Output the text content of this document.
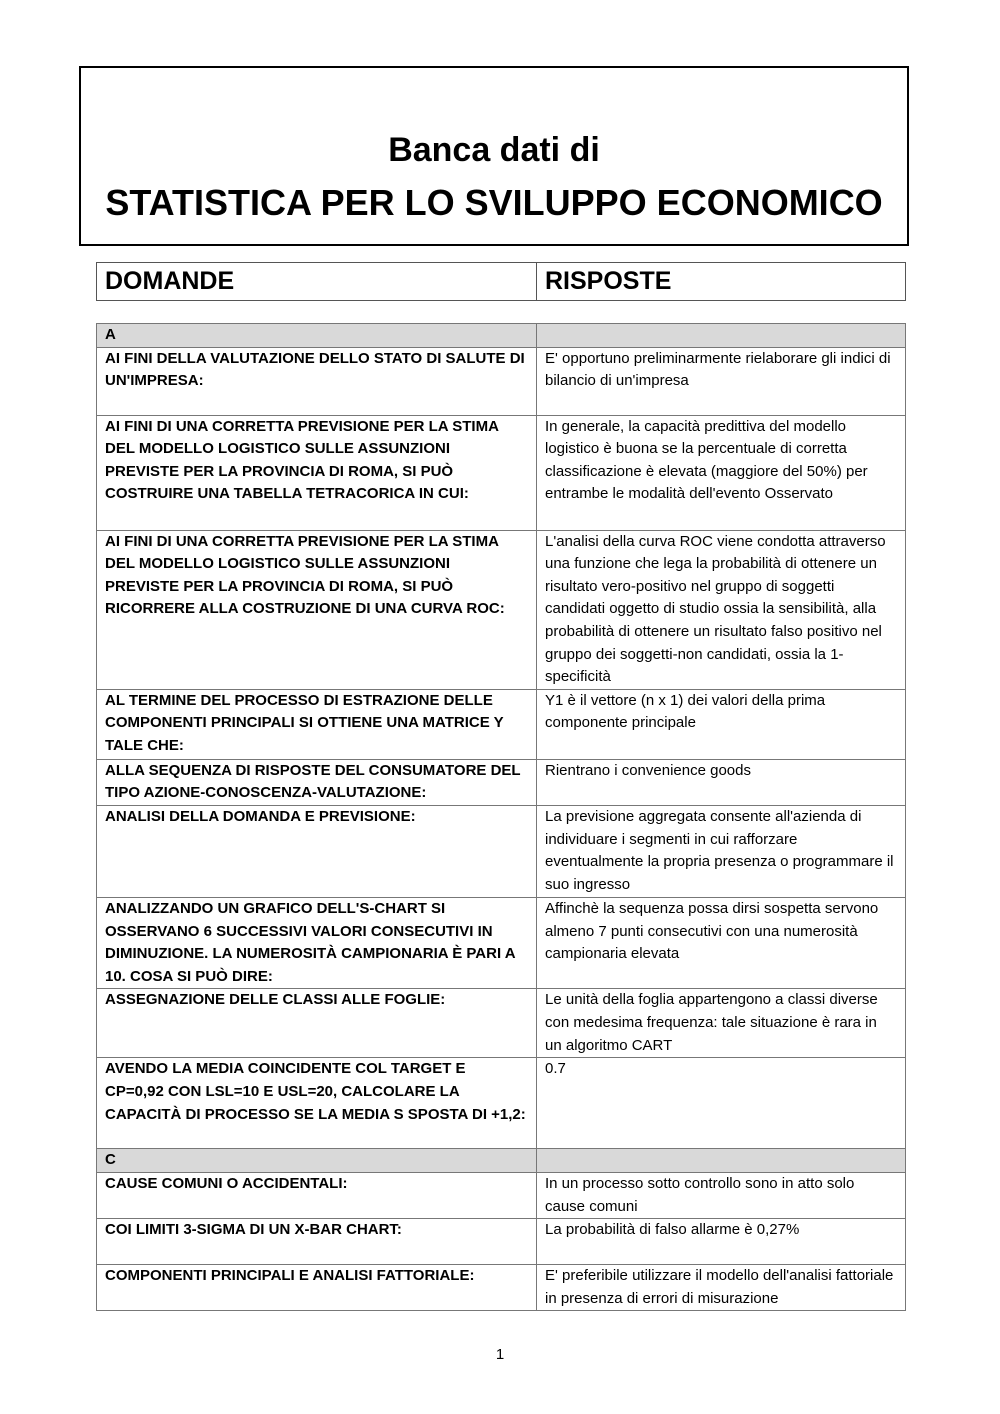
Banca dati di
STATISTICA PER LO SVILUPPO ECONOMICO
DOMANDE	RISPOSTE
A	
AI FINI DELLA VALUTAZIONE DELLO STATO DI SALUTE DI UN'IMPRESA:	E' opportuno preliminarmente rielaborare gli indici di bilancio di un'impresa
AI FINI DI UNA CORRETTA PREVISIONE PER LA STIMA DEL MODELLO LOGISTICO SULLE ASSUNZIONI PREVISTE PER LA PROVINCIA DI ROMA, SI PUÒ COSTRUIRE UNA TABELLA TETRACORICA IN CUI:	In generale, la capacità predittiva del modello logistico è buona se la percentuale di corretta classificazione è elevata (maggiore del 50%) per entrambe le modalità dell'evento Osservato
AI FINI DI UNA CORRETTA PREVISIONE PER LA STIMA DEL MODELLO LOGISTICO SULLE ASSUNZIONI PREVISTE PER LA PROVINCIA DI ROMA, SI PUÒ RICORRERE ALLA COSTRUZIONE DI UNA CURVA ROC:	L'analisi della curva ROC viene condotta attraverso una funzione che lega la probabilità di ottenere un risultato vero-positivo nel gruppo di soggetti candidati oggetto di studio ossia la sensibilità, alla probabilità di ottenere un risultato falso positivo nel gruppo dei soggetti-non candidati, ossia la 1-specificità
AL TERMINE DEL PROCESSO DI ESTRAZIONE DELLE COMPONENTI PRINCIPALI SI OTTIENE UNA MATRICE Y TALE CHE:	Y1 è il vettore (n x 1) dei valori della prima componente principale
ALLA SEQUENZA DI RISPOSTE DEL CONSUMATORE DEL TIPO AZIONE-CONOSCENZA-VALUTAZIONE:	Rientrano i convenience goods
ANALISI DELLA DOMANDA E PREVISIONE:	La previsione aggregata consente all'azienda di individuare i segmenti in cui rafforzare eventualmente la propria presenza o programmare il suo ingresso
ANALIZZANDO UN GRAFICO DELL'S-CHART SI OSSERVANO 6 SUCCESSIVI VALORI CONSECUTIVI IN DIMINUZIONE. LA NUMEROSITÀ CAMPIONARIA È PARI A 10. COSA SI PUÒ DIRE:	Affinchè la sequenza possa dirsi sospetta servono almeno 7 punti consecutivi con una numerosità campionaria elevata
ASSEGNAZIONE DELLE CLASSI ALLE FOGLIE:	Le unità della foglia appartengono a classi diverse con medesima frequenza: tale situazione è rara in un algoritmo CART
AVENDO LA MEDIA COINCIDENTE COL TARGET E CP=0,92 CON LSL=10 E USL=20, CALCOLARE LA CAPACITÀ DI PROCESSO SE LA MEDIA S SPOSTA DI +1,2:	0.7
C	
CAUSE COMUNI O ACCIDENTALI:	In un processo sotto controllo sono in atto solo cause comuni
COI LIMITI 3-SIGMA DI UN X-BAR CHART:	La probabilità di falso allarme è 0,27%
COMPONENTI PRINCIPALI E ANALISI FATTORIALE:	E' preferibile utilizzare il modello dell'analisi fattoriale in presenza di errori di misurazione
1
